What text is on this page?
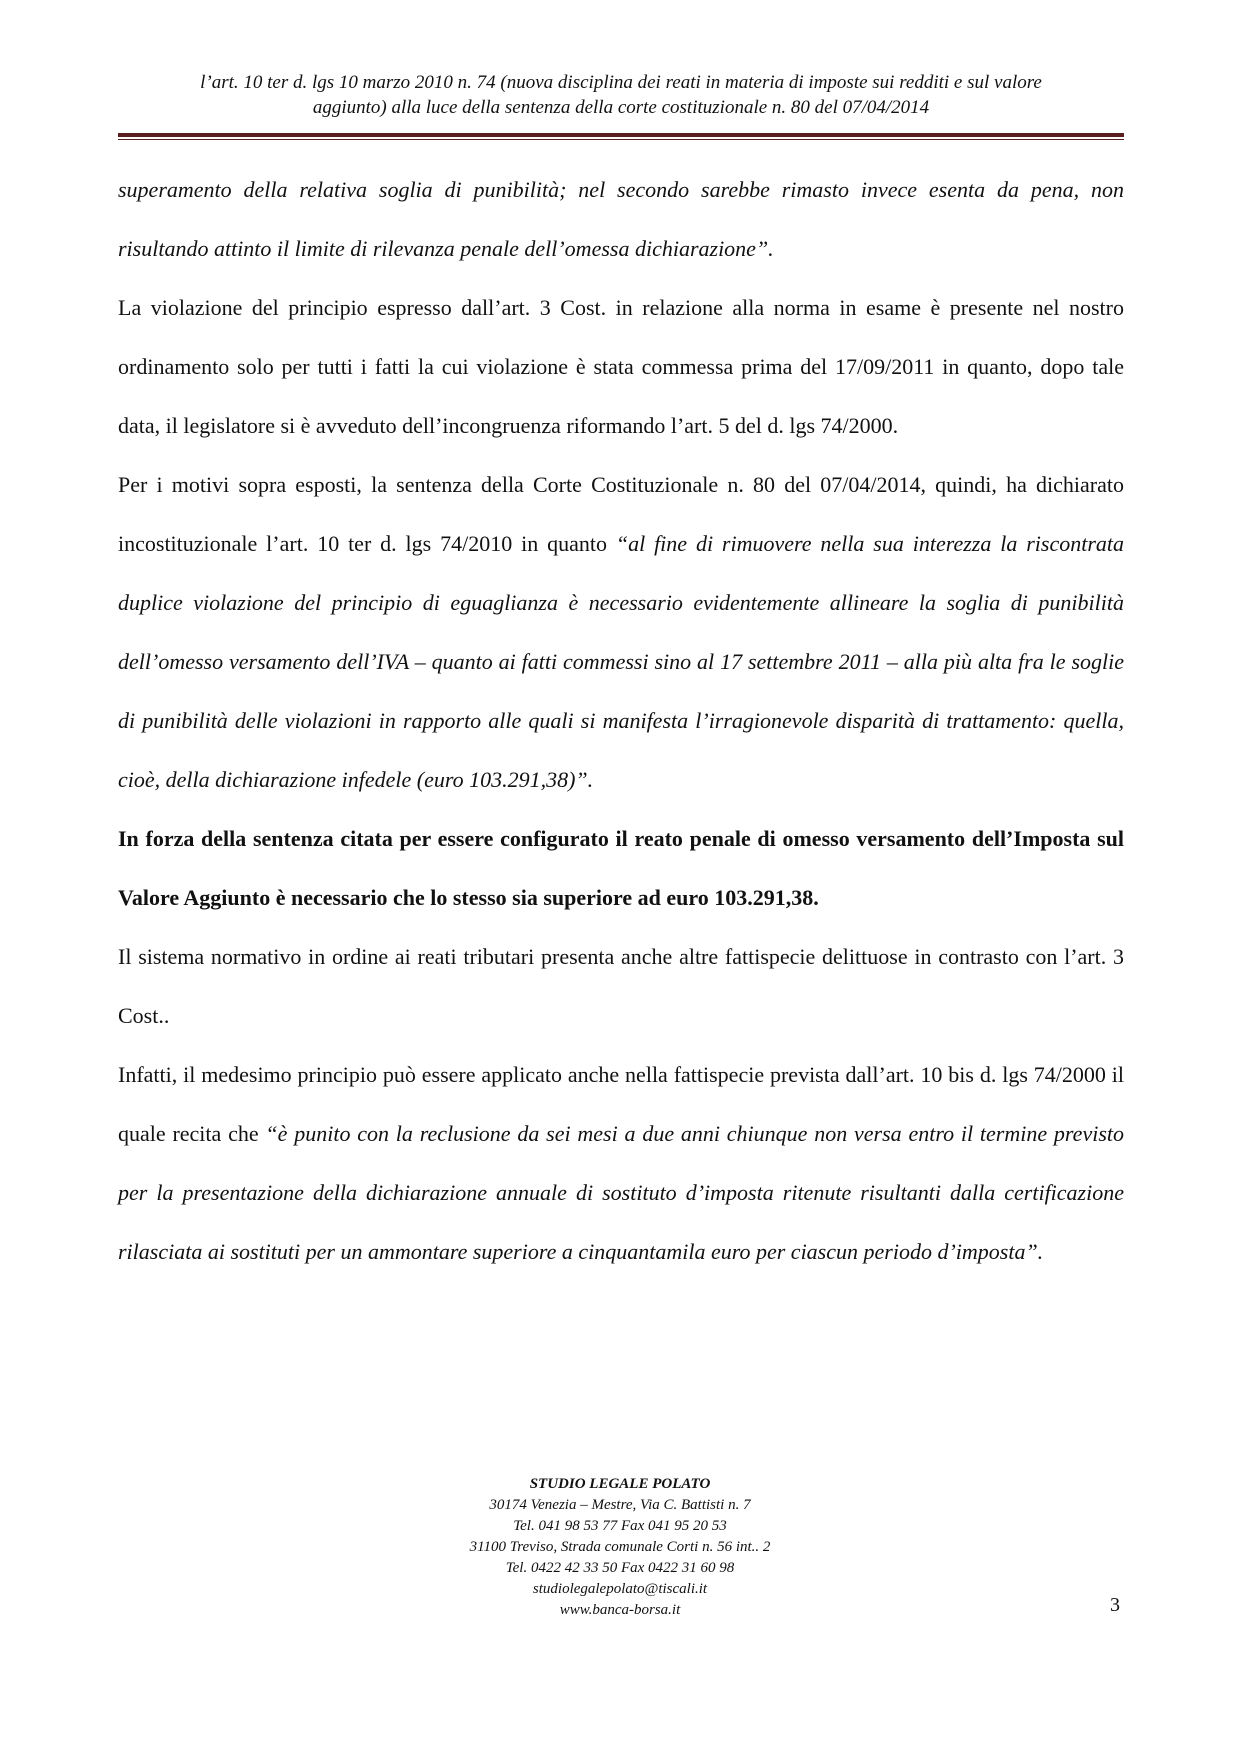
l’art. 10 ter d. lgs 10 marzo 2010 n. 74 (nuova disciplina dei reati in materia di imposte sui redditi e sul valore
aggiunto) alla luce della sentenza della corte costituzionale n. 80 del 07/04/2014

superamento della relativa soglia di punibilità; nel secondo sarebbe rimasto invece esenta da pena, non risultando attinto il limite di rilevanza penale dell’omessa dichiarazione”.

La violazione del principio espresso dall’art. 3 Cost. in relazione alla norma in esame è presente nel nostro ordinamento solo per tutti i fatti la cui violazione è stata commessa prima del 17/09/2011 in quanto, dopo tale data, il legislatore si è avveduto dell’incongruenza riformando l’art. 5 del d. lgs 74/2000.

Per i motivi sopra esposti, la sentenza della Corte Costituzionale n. 80 del 07/04/2014, quindi, ha dichiarato incostituzionale l’art. 10 ter d. lgs 74/2010 in quanto “al fine di rimuovere nella sua interezza la riscontrata duplice violazione del principio di eguaglianza è necessario evidentemente allineare la soglia di punibilità dell’omesso versamento dell’IVA – quanto ai fatti commessi sino al 17 settembre 2011 – alla più alta fra le soglie di punibilità delle violazioni in rapporto alle quali si manifesta l’irragionevole disparità di trattamento: quella, cioè, della dichiarazione infedele (euro 103.291,38)”.

In forza della sentenza citata per essere configurato il reato penale di omesso versamento dell’Imposta sul Valore Aggiunto è necessario che lo stesso sia superiore ad euro 103.291,38.

Il sistema normativo in ordine ai reati tributari presenta anche altre fattispecie delittuose in contrasto con l’art. 3 Cost..

Infatti, il medesimo principio può essere applicato anche nella fattispecie prevista dall’art. 10 bis d. lgs 74/2000 il quale recita che “è punito con la reclusione da sei mesi a due anni chiunque non versa entro il termine previsto per la presentazione della dichiarazione annuale di sostituto d’imposta ritenute risultanti dalla certificazione rilasciata ai sostituti per un ammontare superiore a cinquantamila euro per ciascun periodo d’imposta”.

STUDIO LEGALE POLATO
30174 Venezia – Mestre, Via C. Battisti n. 7
Tel. 041 98 53 77 Fax 041 95 20 53
31100 Treviso, Strada comunale Corti n. 56 int.. 2
Tel. 0422 42 33 50 Fax 0422 31 60 98
studiolegalepolato@tiscali.it
www.banca-borsa.it	3
